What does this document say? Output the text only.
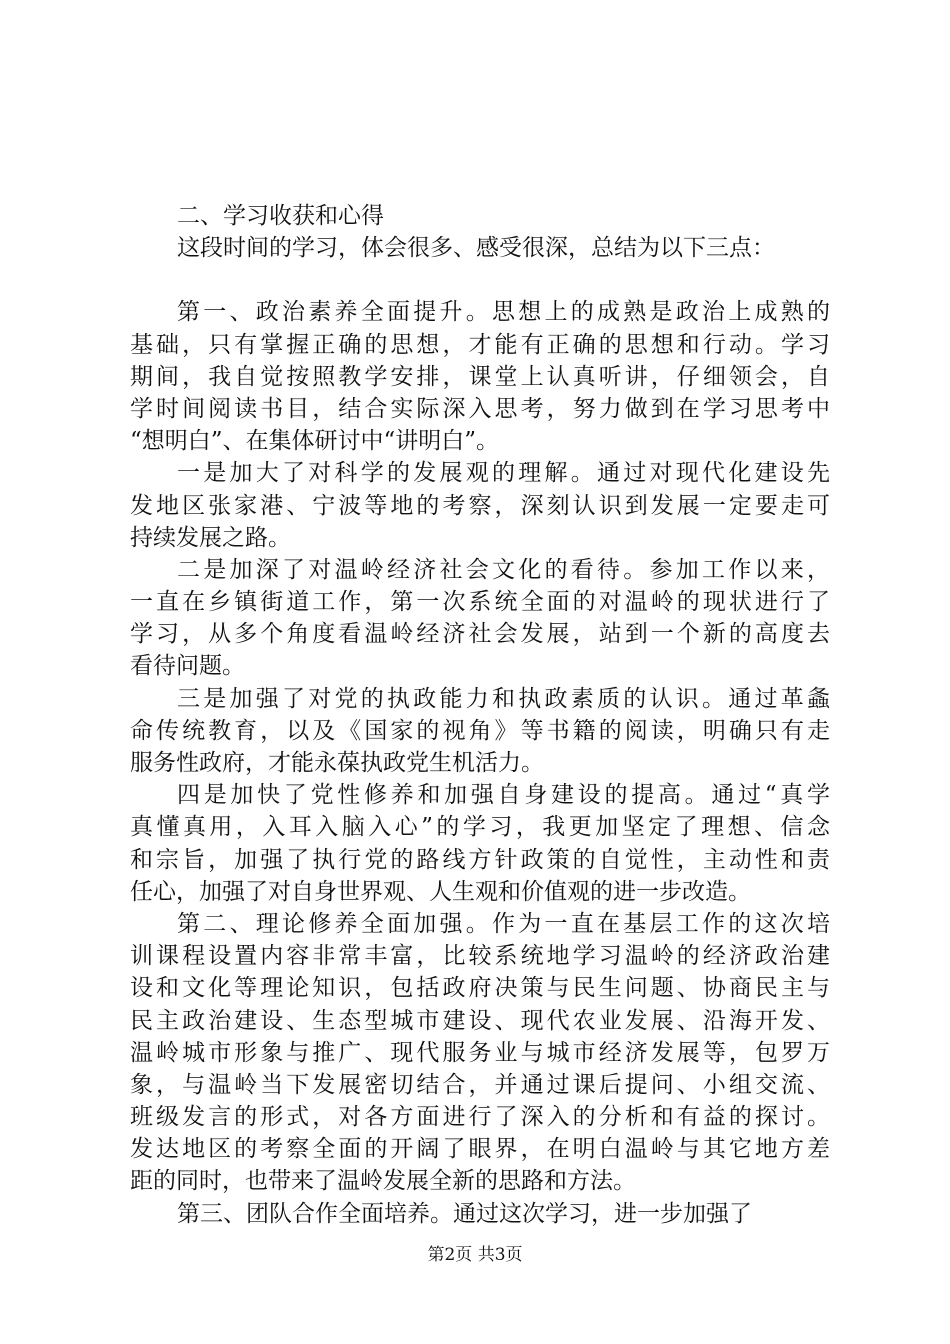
二、学习收获和心得
这段时间的学习，体会很多、感受很深，总结为以下三点：
第一、政治素养全面提升。思想上的成熟是政治上成熟的
基础，只有掌握正确的思想，才能有正确的思想和行动。学习
期间，我自觉按照教学安排，课堂上认真听讲，仔细领会，自
学时间阅读书目，结合实际深入思考，努力做到在学习思考中
“想明白”、在集体研讨中“讲明白”。
一是加大了对科学的发展观的理解。通过对现代化建设先
发地区张家港、宁波等地的考察，深刻认识到发展一定要走可
持续发展之路。
二是加深了对温岭经济社会文化的看待。参加工作以来，
一直在乡镇街道工作，第一次系统全面的对温岭的现状进行了
学习，从多个角度看温岭经济社会发展，站到一个新的高度去
看待问题。
三是加强了对党的执政能力和执政素质的认识。通过革螽
命传统教育，以及《国家的视角》等书籍的阅读，明确只有走
服务性政府，才能永葆执政党生机活力。
四是加快了党性修养和加强自身建设的提高。通过“真学
真懂真用，入耳入脑入心”的学习，我更加坚定了理想、信念
和宗旨，加强了执行党的路线方针政策的自觉性，主动性和责
任心，加强了对自身世界观、人生观和价值观的进一步改造。
第二、理论修养全面加强。作为一直在基层工作的这次培
训课程设置内容非常丰富，比较系统地学习温岭的经济政治建
设和文化等理论知识，包括政府决策与民生问题、协商民主与
民主政治建设、生态型城市建设、现代农业发展、沿海开发、
温岭城市形象与推广、现代服务业与城市经济发展等，包罗万
象，与温岭当下发展密切结合，并通过课后提问、小组交流、
班级发言的形式，对各方面进行了深入的分析和有益的探讨。
发达地区的考察全面的开阔了眼界，在明白温岭与其它地方差
距的同时，也带来了温岭发展全新的思路和方法。
第三、团队合作全面培养。通过这次学习，进一步加强了
第2页 共3页
